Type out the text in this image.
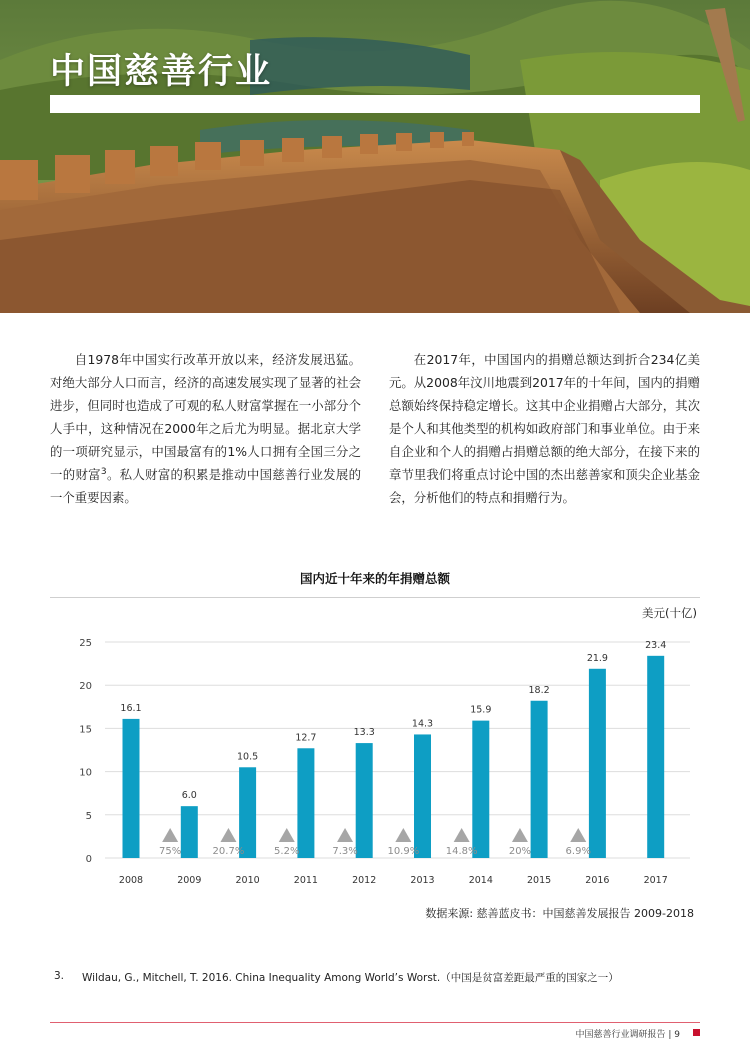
中国慈善行业

自1978年中国实行改革开放以来，经济发展迅猛。对绝大部分人口而言，经济的高速发展实现了显著的社会进步，但同时也造成了可观的私人财富掌握在一小部分个人手中，这种情况在2000年之后尤为明显。据北京大学的一项研究显示，中国最富有的1%人口拥有全国三分之一的财富$^3$。私人财富的积累是推动中国慈善行业发展的一个重要因素。

在2017年，中国国内的捐赠总额达到折合234亿美元。从2008年汶川地震到2017年的十年间，国内的捐赠总额始终保持稳定增长。这其中企业捐赠占大部分，其次是个人和其他类型的机构如政府部门和事业单位。由于来自企业和个人的捐赠占捐赠总额的绝大部分，在接下来的章节里我们将重点讨论中国的杰出慈善家和顶尖企业基金会，分析他们的特点和捐赠行为。

国内近十年来的年捐赠总额
美元(十亿)
0
5
10
15
20
25
16.1
2008
6.0
2009
10.5
2010
12.7
2011
13.3
2012
14.3
2013
15.9
2014
18.2
2015
21.9
2016
23.4
2017
75%	20.7%	5.2%	7.3%	10.9%	14.8%	20%	6.9%
数据来源: 慈善蓝皮书：中国慈善发展报告 2009-2018
3. Wildau, G., Mitchell, T. 2016. China Inequality Among World’s Worst.（中国是贫富差距最严重的国家之一）
中国慈善行业调研报告 | 9
